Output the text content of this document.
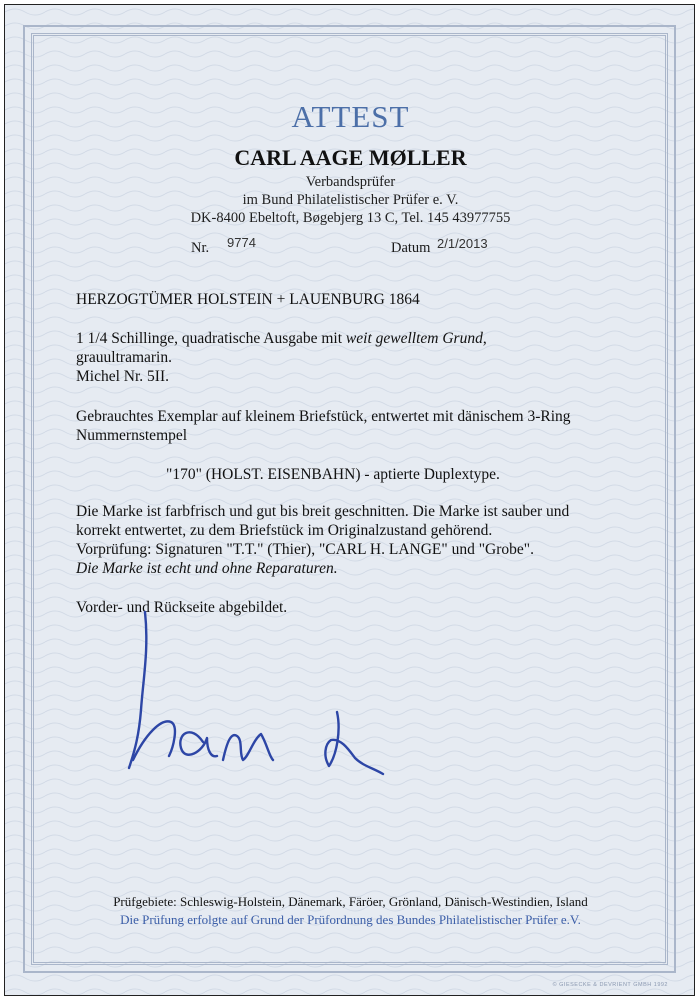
ATTEST
CARL AAGE MØLLER
Verbandsprüfer
im Bund Philatelistischer Prüfer e. V.
DK-8400 Ebeltoft, Bøgebjerg 13 C, Tel. 145 43977755
Nr. 9774	Datum 2/1/2013
HERZOGTÜMER HOLSTEIN + LAUENBURG 1864
1 1/4 Schillinge, quadratische Ausgabe mit weit gewelltem Grund,
grauultramarin.
Michel Nr. 5II.
Gebrauchtes Exemplar auf kleinem Briefstück, entwertet mit dänischem 3-Ring
Nummernstempel
"170" (HOLST. EISENBAHN) - aptierte Duplextype.
Die Marke ist farbfrisch und gut bis breit geschnitten. Die Marke ist sauber und
korrekt entwertet, zu dem Briefstück im Originalzustand gehörend.
Vorprüfung: Signaturen "T.T." (Thier), "CARL H. LANGE" und "Grobe".
Die Marke ist echt und ohne Reparaturen.
Vorder- und Rückseite abgebildet.
Prüfgebiete: Schleswig-Holstein, Dänemark, Färöer, Grönland, Dänisch-Westindien, Island
Die Prüfung erfolgte auf Grund der Prüfordnung des Bundes Philatelistischer Prüfer e.V.
© GIESECKE & DEVRIENT GMBH 1992
